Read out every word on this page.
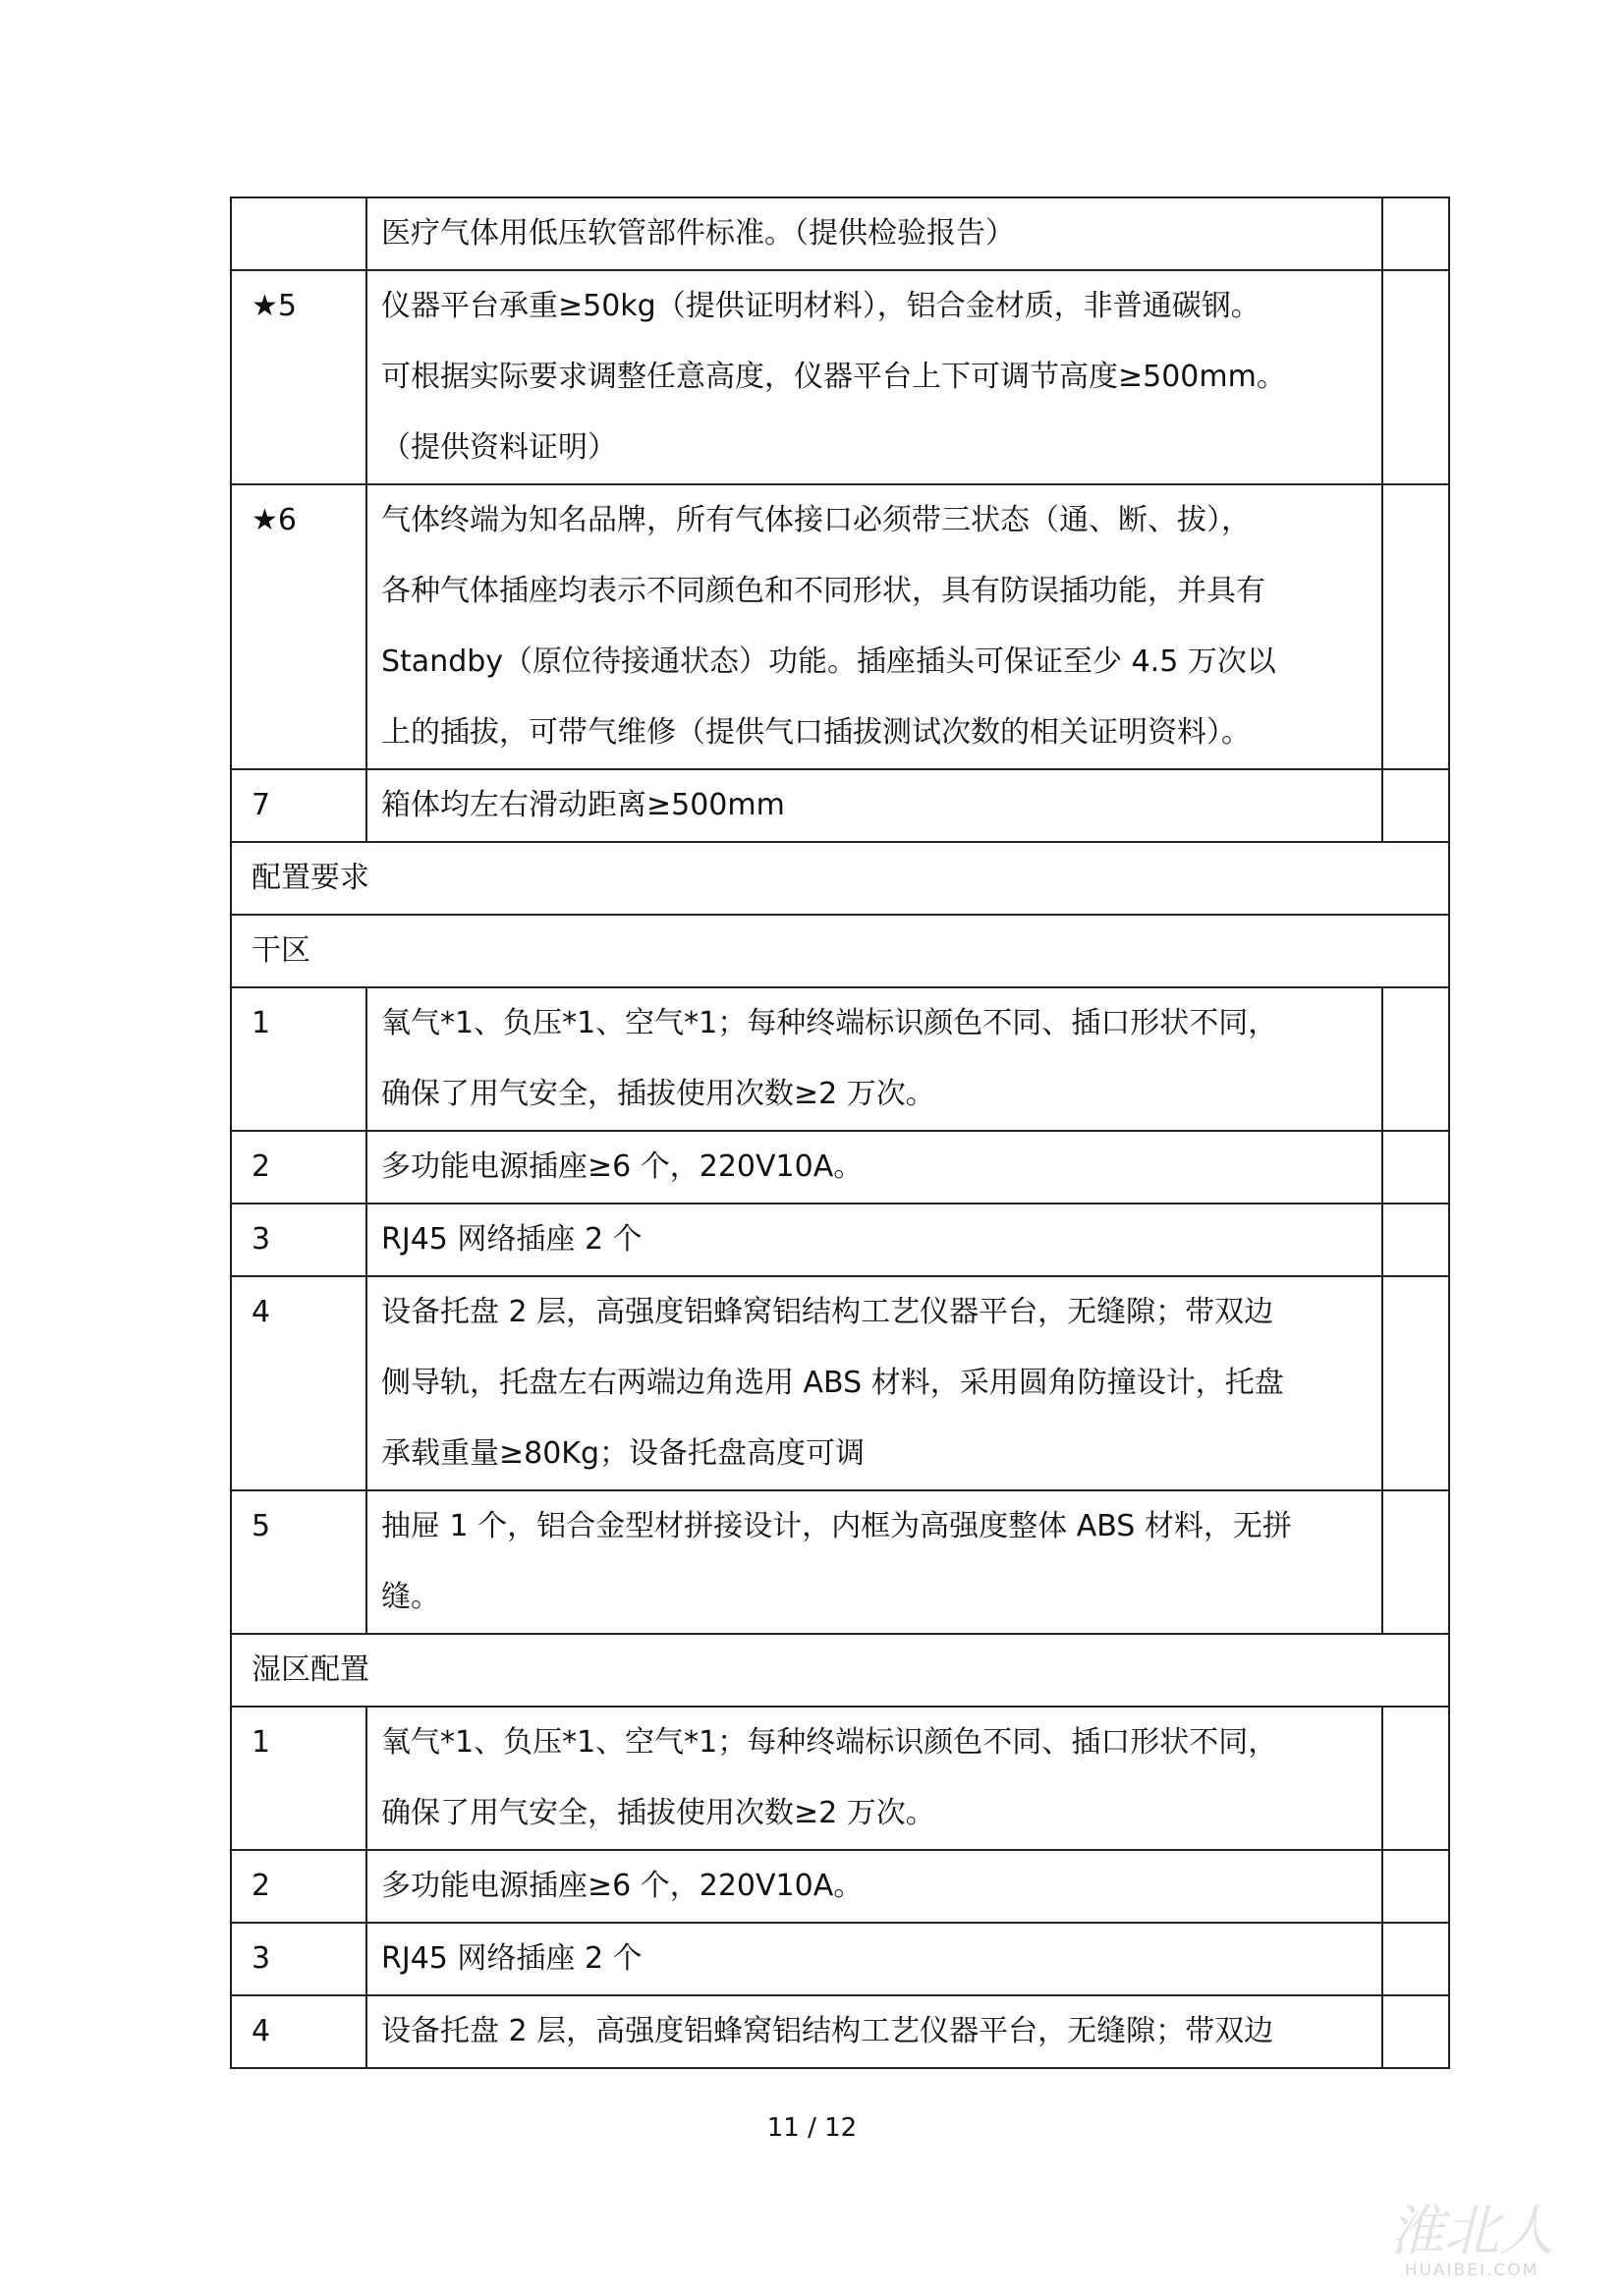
	医疗气体用低压软管部件标准。（提供检验报告）	

★5	仪器平台承重≥50kg（提供证明材料），铝合金材质，非普通碳钢。
可根据实际要求调整任意高度，仪器平台上下可调节高度≥500mm。
（提供资料证明）	

★6	气体终端为知名品牌，所有气体接口必须带三状态（通、断、拔），
各种气体插座均表示不同颜色和不同形状，具有防误插功能，并具有
Standby（原位待接通状态）功能。插座插头可保证至少 4.5 万次以
上的插拔，可带气维修（提供气口插拔测试次数的相关证明资料）。	

7	箱体均左右滑动距离≥500mm	

配置要求		
干区		
1	氧气*1、负压*1、空气*1；每种终端标识颜色不同、插口形状不同，
确保了用气安全，插拔使用次数≥2 万次。	

2	多功能电源插座≥6 个，220V10A。	

3	RJ45 网络插座 2 个	

4	设备托盘 2 层，高强度铝蜂窝铝结构工艺仪器平台，无缝隙；带双边
侧导轨，托盘左右两端边角选用 ABS 材料，采用圆角防撞设计，托盘
承载重量≥80Kg；设备托盘高度可调	

5	抽屉 1 个，铝合金型材拼接设计，内框为高强度整体 ABS 材料，无拼
缝。	

湿区配置		
1	氧气*1、负压*1、空气*1；每种终端标识颜色不同、插口形状不同，
确保了用气安全，插拔使用次数≥2 万次。	

2	多功能电源插座≥6 个，220V10A。	

3	RJ45 网络插座 2 个	

4	设备托盘 2 层，高强度铝蜂窝铝结构工艺仪器平台，无缝隙；带双边	

11 / 12
淮北人
HUAIBEI.COM
